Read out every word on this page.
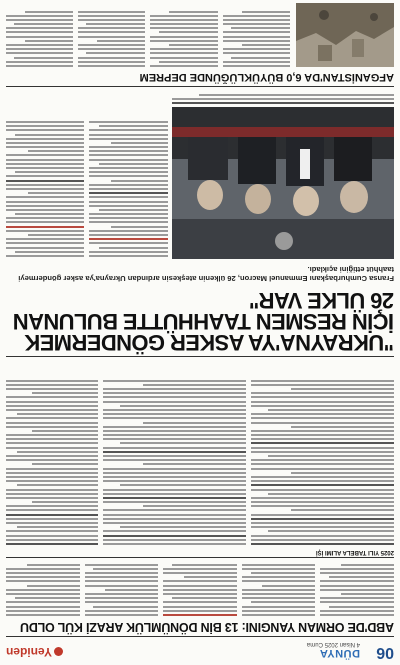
06
DÜNYA
4 Nisan 2025 Cuma
Yeniden
ABD'DE ORMAN YANGINI: 13 BİN DÖNÜMLÜK ARAZİ KÜL OLDU
2025 YILI TABELA ALIMI İŞİ
"UKRAYNA'YA ASKER GÖNDERMEK İÇİN RESMEN TAAHHÜTTE BULUNAN 26 ÜLKE VAR"
Fransa Cumhurbaşkanı Emmanuel Macron, 26 ülkenin ateşkesin ardından Ukrayna'ya asker göndermeyi taahhüt ettiğini açıkladı.
AFGANİSTAN'DA 6,0 BÜYÜKLÜĞÜNDE DEPREM
